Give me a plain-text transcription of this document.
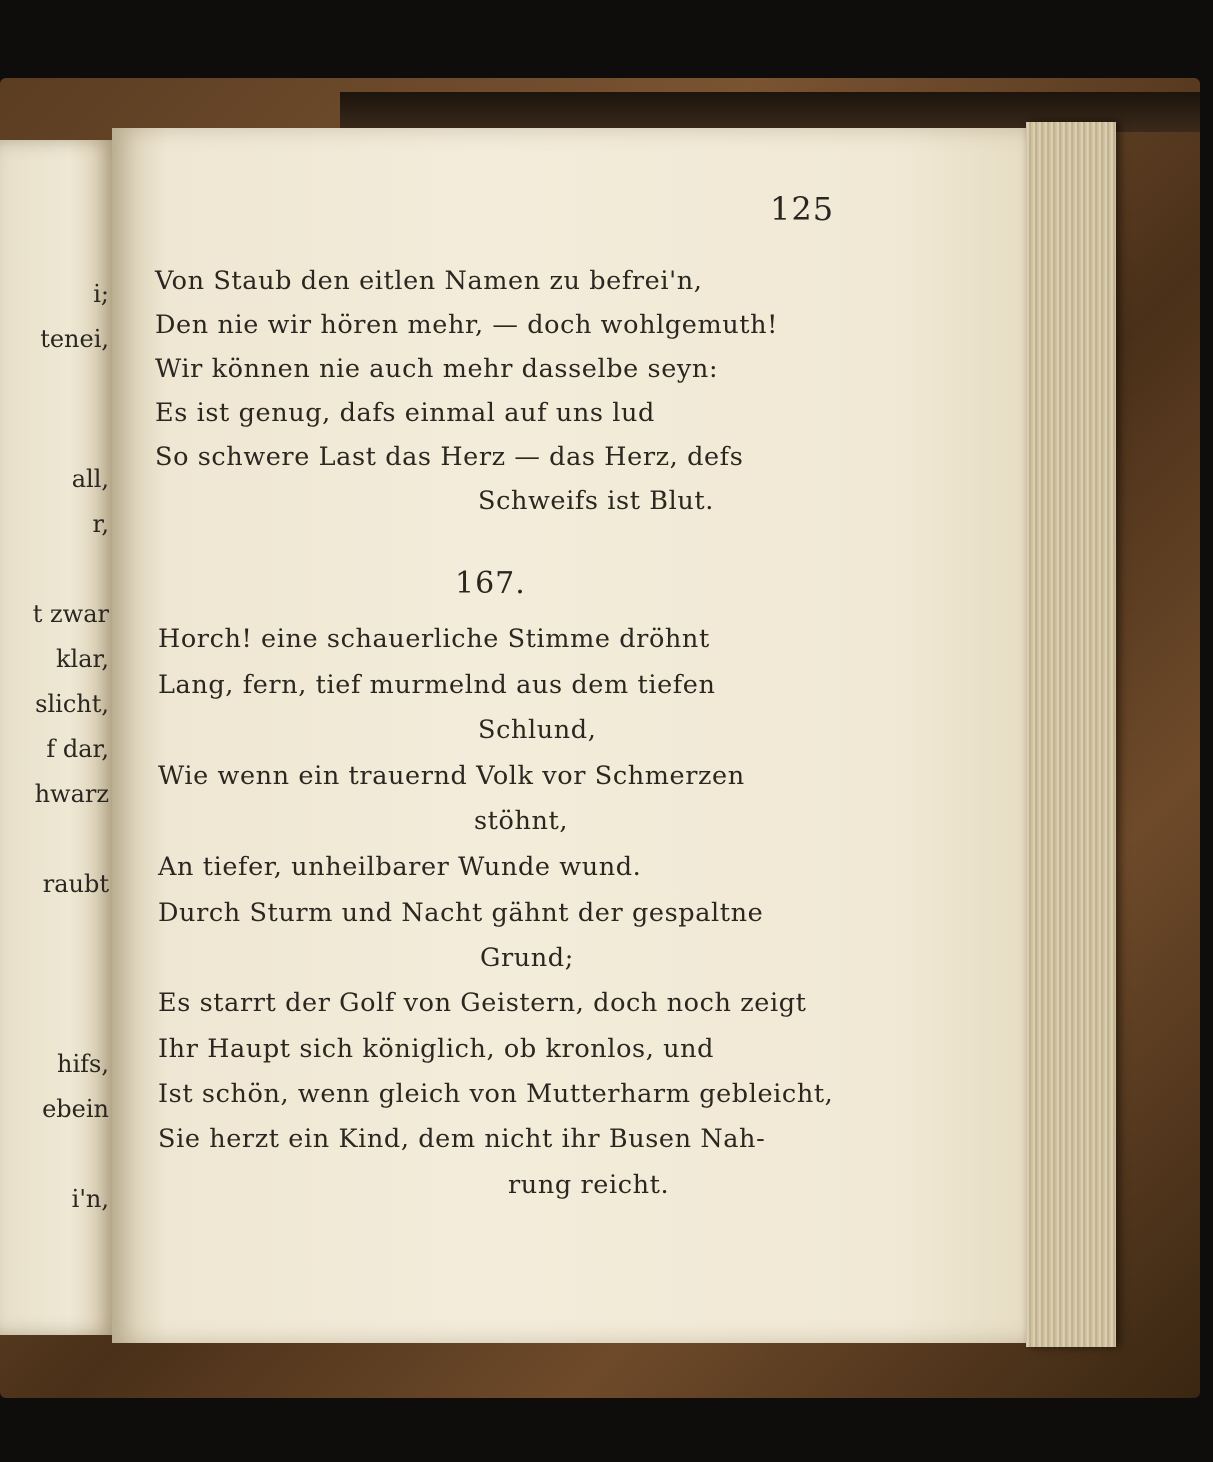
i;
tenei,
all,
r,
t zwar
klar,
slicht,
f dar,
hwarz
raubt
hifs,
ebein
i'n,
125
Von Staub den eitlen Namen zu befrei'n,
Den nie wir hören mehr, — doch wohlgemuth!
Wir können nie auch mehr dasselbe seyn:
Es ist genug, dafs einmal auf uns lud
So schwere Last das Herz — das Herz, defs
Schweifs ist Blut.
167.
Horch! eine schauerliche Stimme dröhnt
Lang, fern, tief murmelnd aus dem tiefen
Schlund,
Wie wenn ein trauernd Volk vor Schmerzen
stöhnt,
An tiefer, unheilbarer Wunde wund.
Durch Sturm und Nacht gähnt der gespaltne
Grund;
Es starrt der Golf von Geistern, doch noch zeigt
Ihr Haupt sich königlich, ob kronlos, und
Ist schön, wenn gleich von Mutterharm gebleicht,
Sie herzt ein Kind, dem nicht ihr Busen Nah-
rung reicht.
